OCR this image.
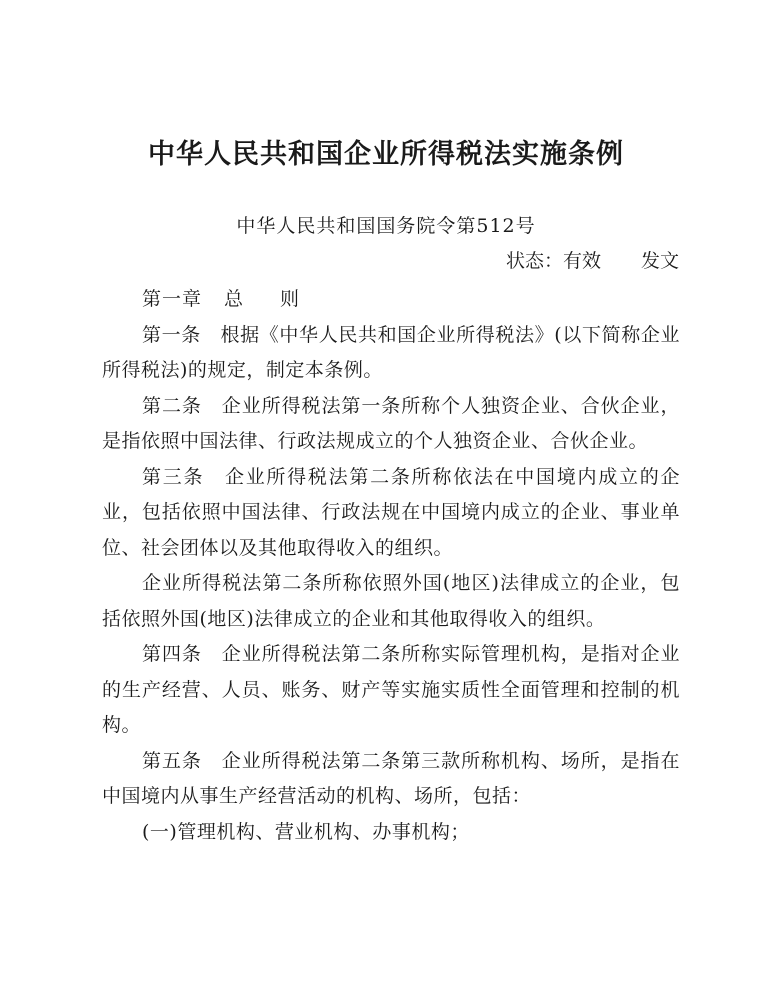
中华人民共和国企业所得税法实施条例
中华人民共和国国务院令第512号
状态：有效 发文

第一章 总 则

第一条　根据《中华人民共和国企业所得税法》(以下简称企业所得税法)的规定，制定本条例。

第二条　企业所得税法第一条所称个人独资企业、合伙企业，是指依照中国法律、行政法规成立的个人独资企业、合伙企业。

第三条　企业所得税法第二条所称依法在中国境内成立的企业，包括依照中国法律、行政法规在中国境内成立的企业、事业单位、社会团体以及其他取得收入的组织。

企业所得税法第二条所称依照外国(地区)法律成立的企业，包括依照外国(地区)法律成立的企业和其他取得收入的组织。

第四条　企业所得税法第二条所称实际管理机构，是指对企业的生产经营、人员、账务、财产等实施实质性全面管理和控制的机构。

第五条　企业所得税法第二条第三款所称机构、场所，是指在中国境内从事生产经营活动的机构、场所，包括：

(一)管理机构、营业机构、办事机构；
